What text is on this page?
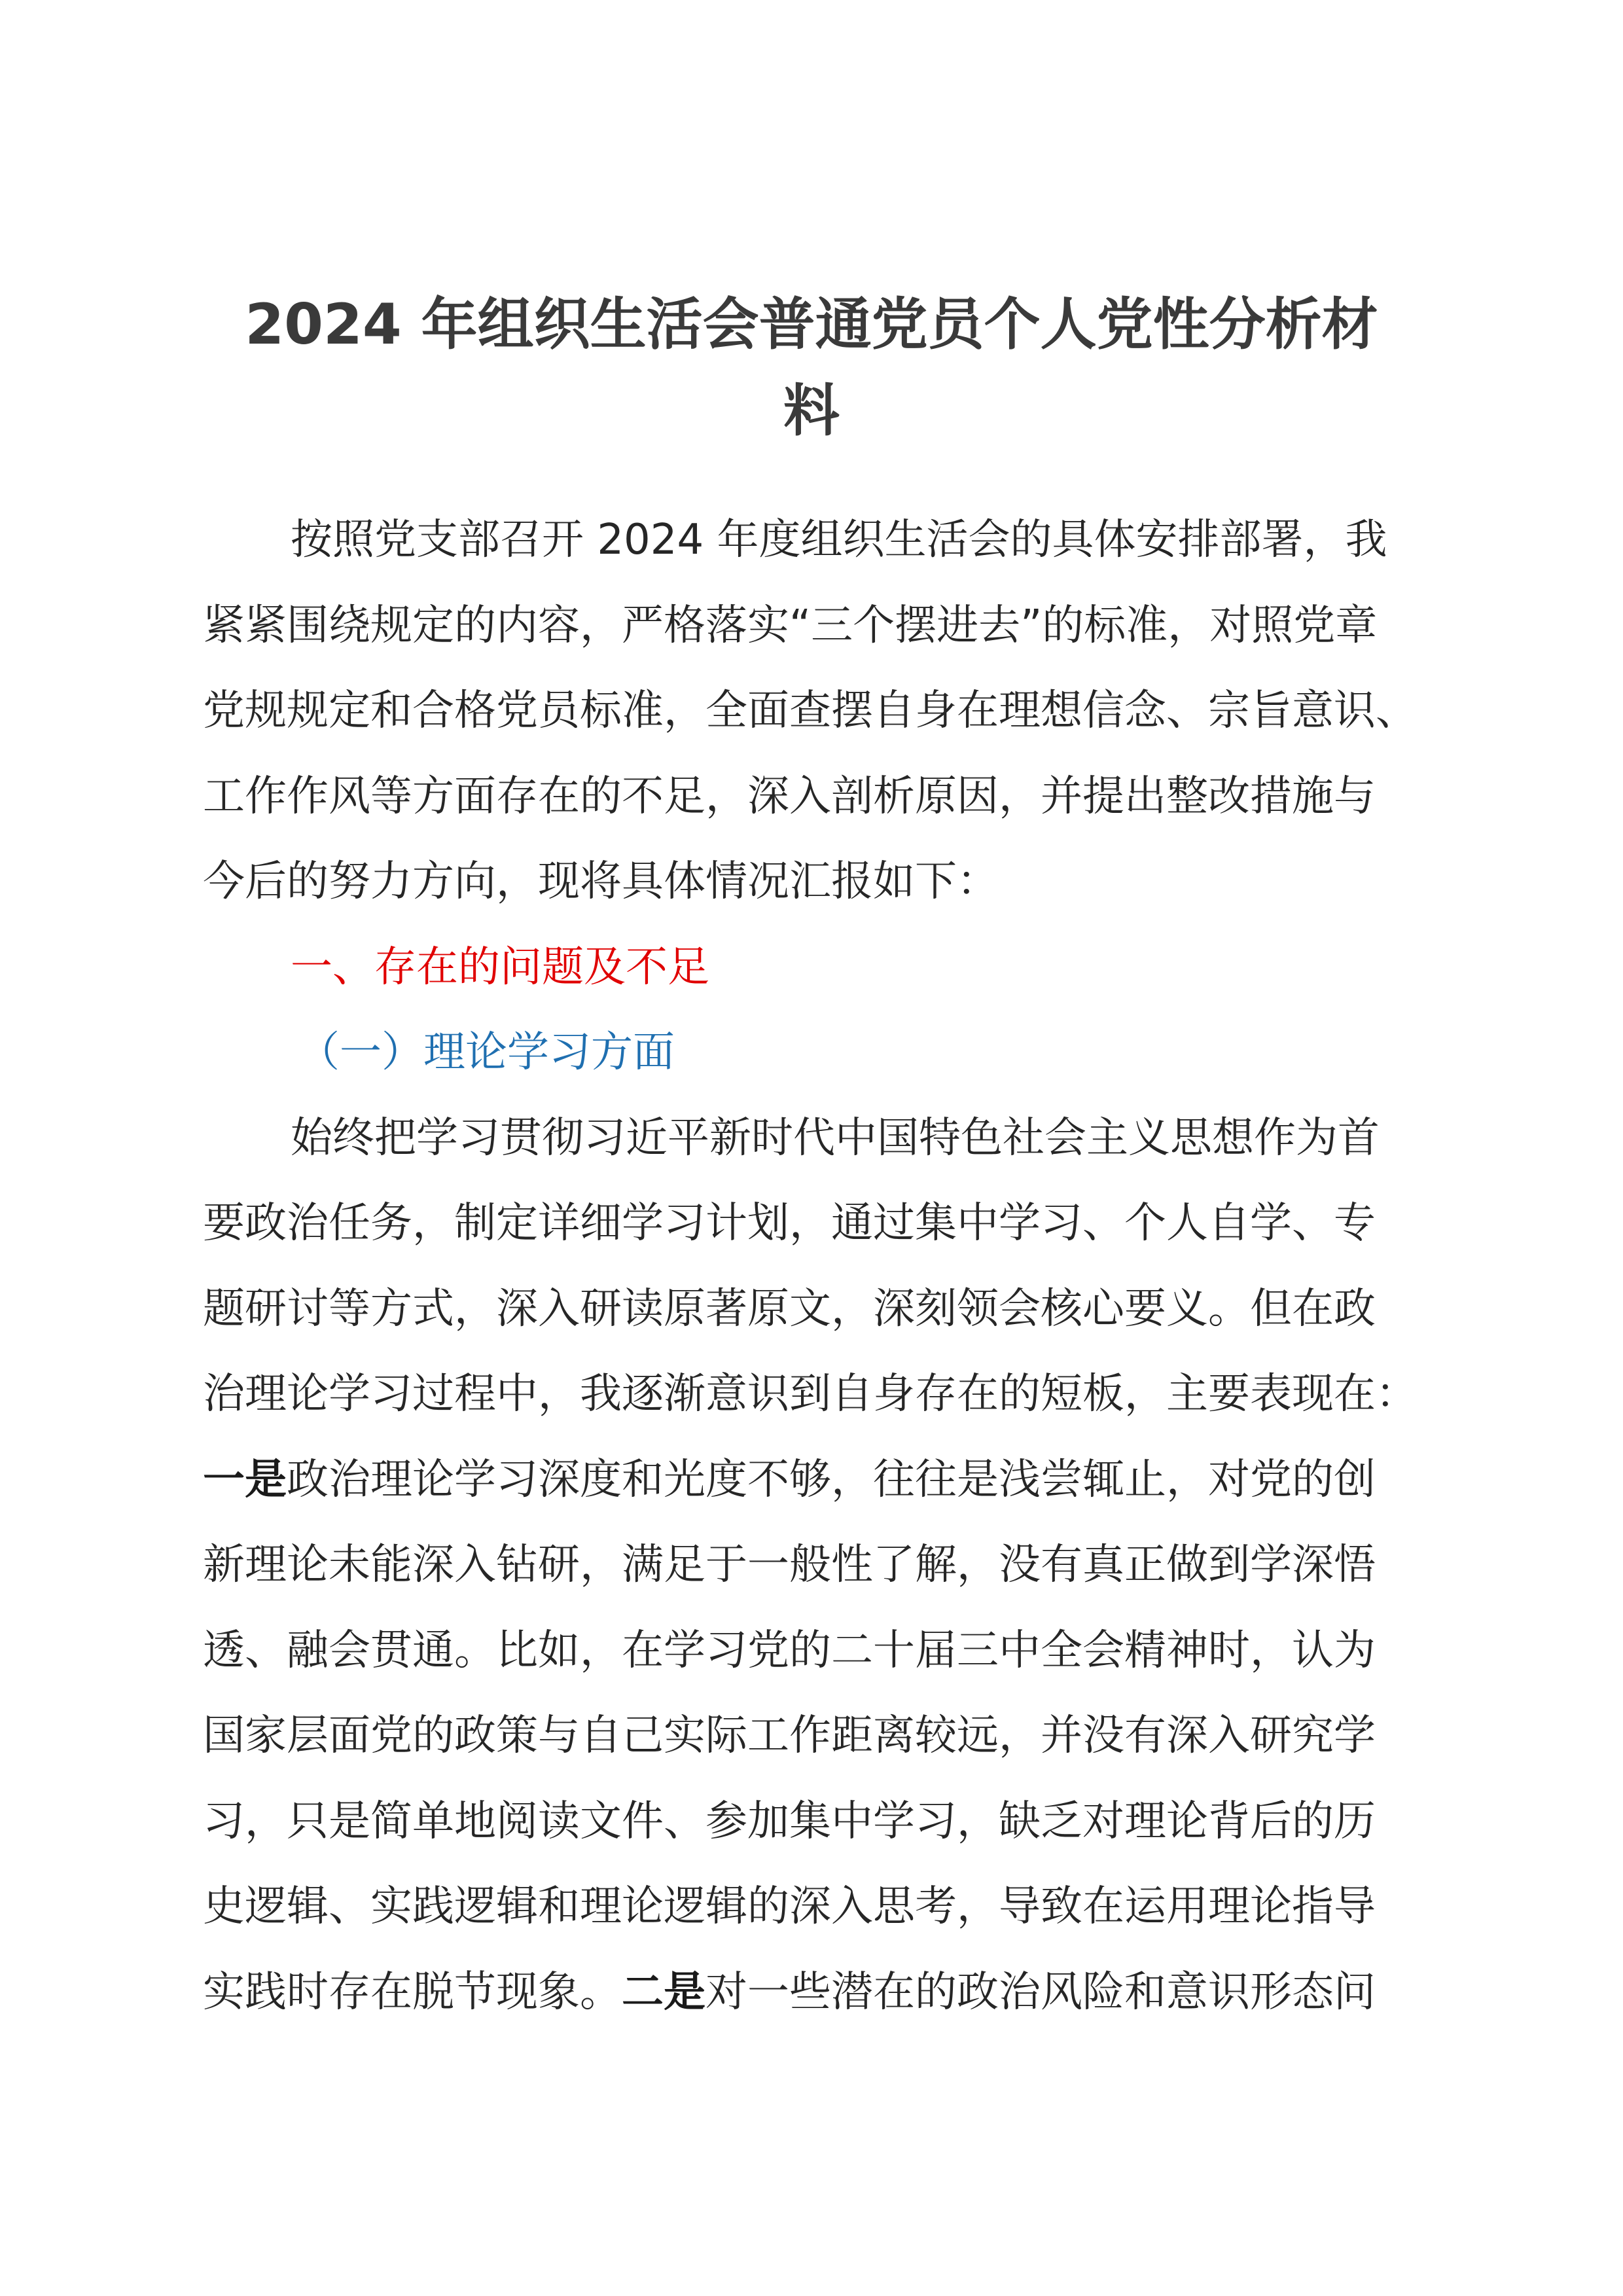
2024 年组织生活会普通党员个人党性分析材
料
按照党支部召开 2024 年度组织生活会的具体安排部署，我
紧紧围绕规定的内容，严格落实“三个摆进去”的标准，对照党章
党规规定和合格党员标准，全面查摆自身在理想信念、宗旨意识、
工作作风等方面存在的不足，深入剖析原因，并提出整改措施与
今后的努力方向，现将具体情况汇报如下：
一、存在的问题及不足
（一）理论学习方面
始终把学习贯彻习近平新时代中国特色社会主义思想作为首
要政治任务，制定详细学习计划，通过集中学习、个人自学、专
题研讨等方式，深入研读原著原文，深刻领会核心要义。但在政
治理论学习过程中，我逐渐意识到自身存在的短板，主要表现在：
一是政治理论学习深度和光度不够，往往是浅尝辄止，对党的创
新理论未能深入钻研，满足于一般性了解，没有真正做到学深悟
透、融会贯通。比如，在学习党的二十届三中全会精神时，认为
国家层面党的政策与自己实际工作距离较远，并没有深入研究学
习，只是简单地阅读文件、参加集中学习，缺乏对理论背后的历
史逻辑、实践逻辑和理论逻辑的深入思考，导致在运用理论指导
实践时存在脱节现象。二是对一些潜在的政治风险和意识形态问
